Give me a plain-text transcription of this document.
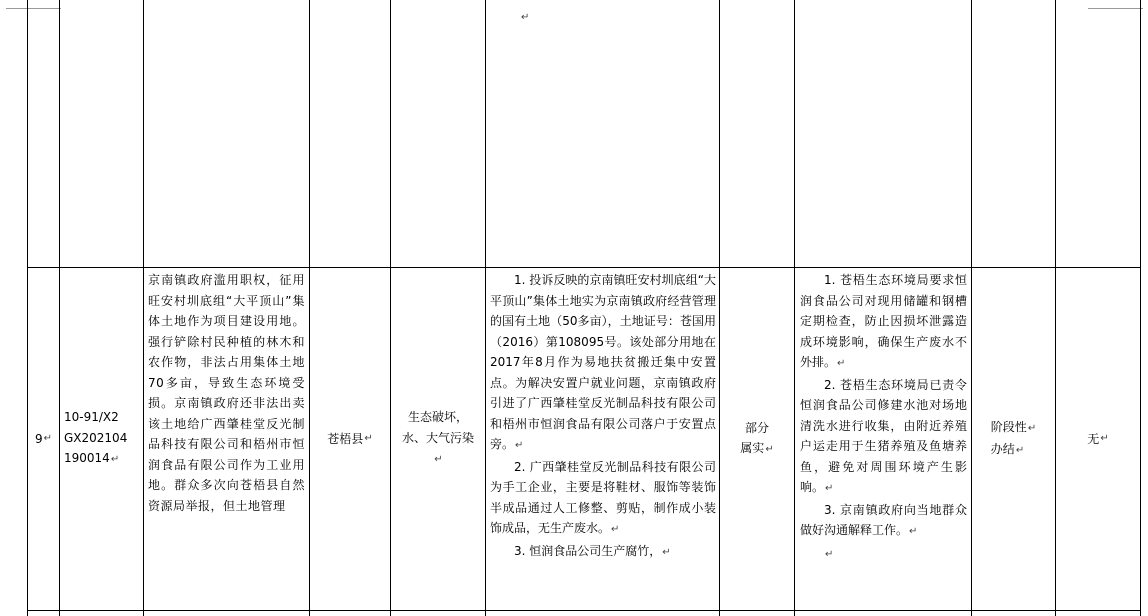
↵
9 ↵
10-91/X2
GX202104
190014↵
京南镇政府滥用职权，征用旺安村圳底组“大平顶山”集体土地作为项目建设用地。强行铲除村民种植的林木和农作物，非法占用集体土地70多亩，导致生态环境受损。京南镇政府还非法出卖该土地给广西肇桂堂反光制品科技有限公司和梧州市恒润食品有限公司作为工业用地。群众多次向苍梧县自然资源局举报，但土地管理
苍梧县 ↵
生态破坏，水、大气污染↵
1. 投诉反映的京南镇旺安村圳底组“大平顶山”集体土地实为京南镇政府经营管理的国有土地（50多亩），土地证号：苍国用（2016）第108095号。该处部分用地在2017年8月作为易地扶贫搬迁集中安置点。为解决安置户就业问题，京南镇政府引进了广西肇桂堂反光制品科技有限公司和梧州市恒润食品有限公司落户于安置点旁。↵
2. 广西肇桂堂反光制品科技有限公司为手工企业，主要是将鞋材、服饰等装饰半成品通过人工修整、剪贴，制作成小装饰成品，无生产废水。↵
3. 恒润食品公司生产腐竹，↵
部分
属实↵
1. 苍梧生态环境局要求恒润食品公司对现用储罐和钢槽定期检查，防止因损坏泄露造成环境影响，确保生产废水不外排。↵
2. 苍梧生态环境局已责令恒润食品公司修建水池对场地清洗水进行收集，由附近养殖户运走用于生猪养殖及鱼塘养鱼，避免对周围环境产生影响。↵
3. 京南镇政府向当地群众做好沟通解释工作。↵
↵
阶段性↵
办结↵
无 ↵
